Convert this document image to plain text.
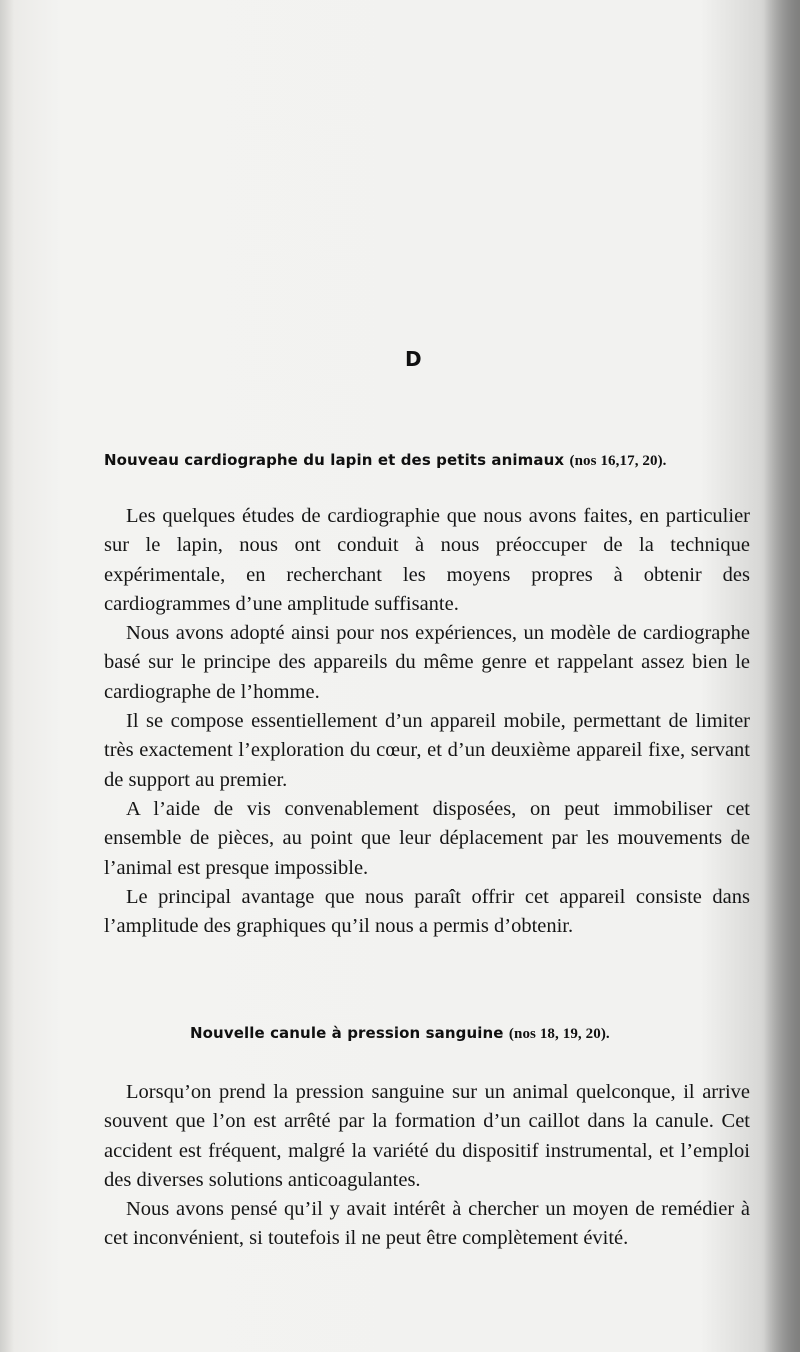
D
Nouveau cardiographe du lapin et des petits animaux (nos 16,17, 20).

Les quelques études de cardiographie que nous avons faites, en particulier sur le lapin, nous ont conduit à nous préoccuper de la technique expérimentale, en recherchant les moyens propres à obtenir des cardiogrammes d’une amplitude suffisante.

Nous avons adopté ainsi pour nos expériences, un modèle de cardiographe basé sur le principe des appareils du même genre et rappelant assez bien le cardiographe de l’homme.

Il se compose essentiellement d’un appareil mobile, permettant de limiter très exactement l’exploration du cœur, et d’un deuxième appareil fixe, servant de support au premier.

A l’aide de vis convenablement disposées, on peut immobiliser cet ensemble de pièces, au point que leur déplacement par les mouvements de l’animal est presque impossible.

Le principal avantage que nous paraît offrir cet appareil consiste dans l’amplitude des graphiques qu’il nous a permis d’obtenir.

Nouvelle canule à pression sanguine (nos 18, 19, 20).

Lorsqu’on prend la pression sanguine sur un animal quelconque, il arrive souvent que l’on est arrêté par la formation d’un caillot dans la canule. Cet accident est fréquent, malgré la variété du dispositif instrumental, et l’emploi des diverses solutions anticoagulantes.

Nous avons pensé qu’il y avait intérêt à chercher un moyen de remédier à cet inconvénient, si toutefois il ne peut être complètement évité.
